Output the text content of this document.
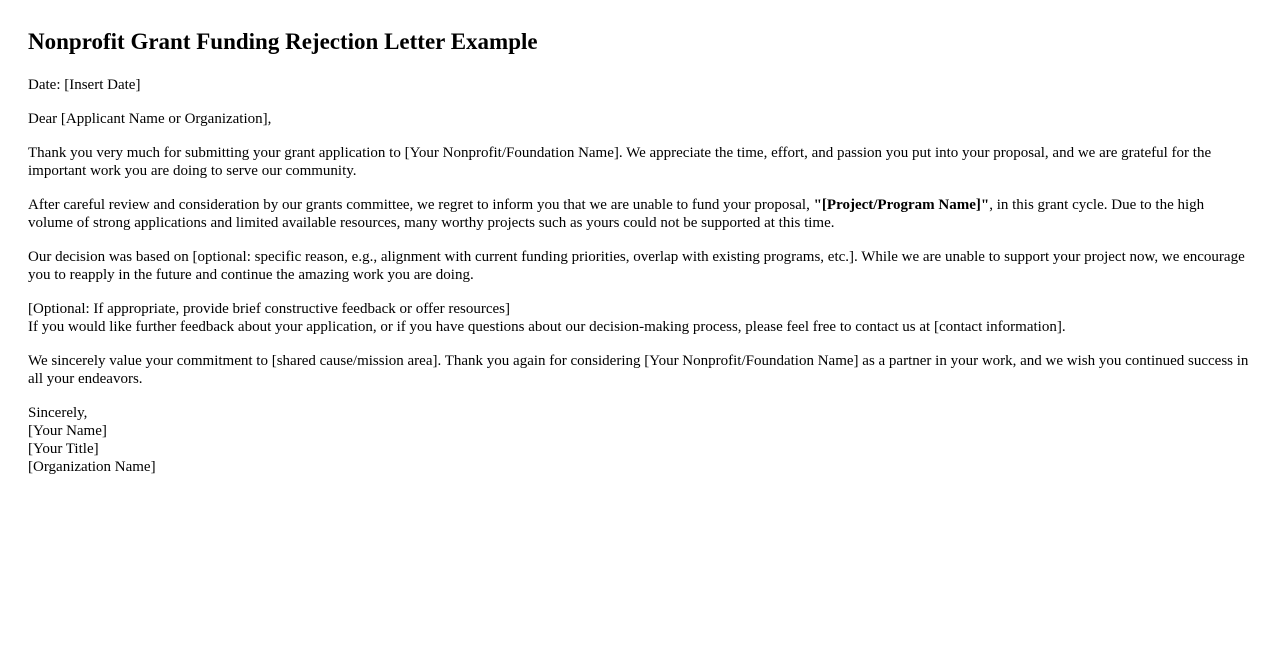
Nonprofit Grant Funding Rejection Letter Example

Date: [Insert Date]

Dear [Applicant Name or Organization],

Thank you very much for submitting your grant application to [Your Nonprofit/Foundation Name]. We appreciate the time, effort, and passion you put into your proposal, and we are grateful for the important work you are doing to serve our community.

After careful review and consideration by our grants committee, we regret to inform you that we are unable to fund your proposal, "[Project/Program Name]", in this grant cycle. Due to the high volume of strong applications and limited available resources, many worthy projects such as yours could not be supported at this time.

Our decision was based on [optional: specific reason, e.g., alignment with current funding priorities, overlap with existing programs, etc.]. While we are unable to support your project now, we encourage you to reapply in the future and continue the amazing work you are doing.

[Optional: If appropriate, provide brief constructive feedback or offer resources]
If you would like further feedback about your application, or if you have questions about our decision-making process, please feel free to contact us at [contact information].

We sincerely value your commitment to [shared cause/mission area]. Thank you again for considering [Your Nonprofit/Foundation Name] as a partner in your work, and we wish you continued success in all your endeavors.

Sincerely,
[Your Name]
[Your Title]
[Organization Name]
